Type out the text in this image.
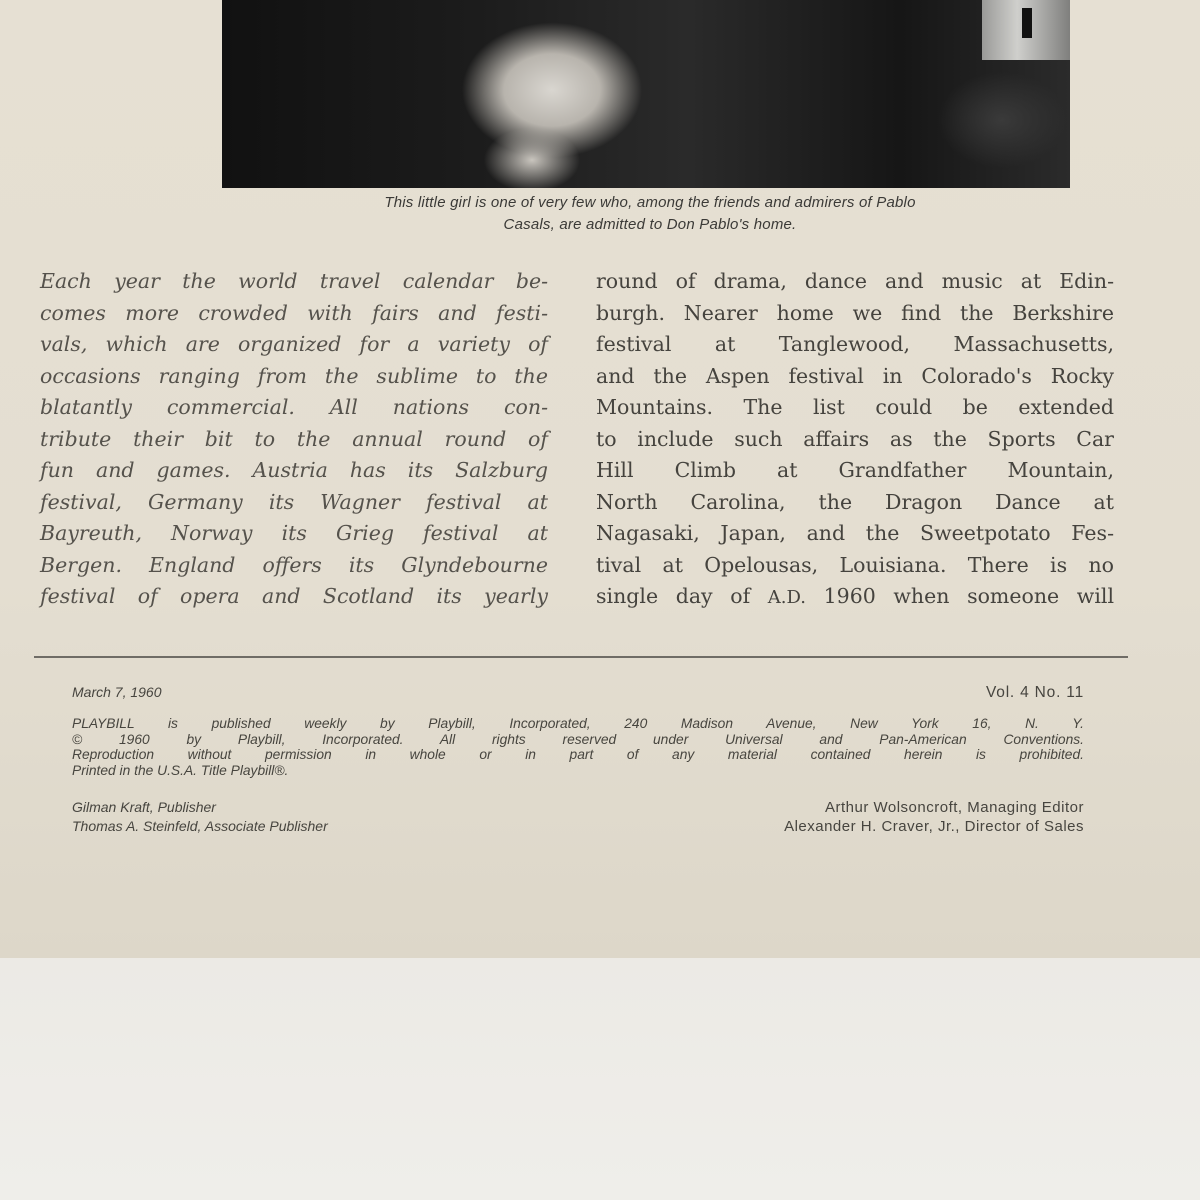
This little girl is one of very few who, among the friends and admirers of Pablo
Casals, are admitted to Don Pablo's home.
Each year the world travel calendar be-
comes more crowded with fairs and festi-
vals, which are organized for a variety of
occasions ranging from the sublime to the
blatantly commercial. All nations con-
tribute their bit to the annual round of
fun and games. Austria has its Salzburg
festival, Germany its Wagner festival at
Bayreuth, Norway its Grieg festival at
Bergen. England offers its Glyndebourne
festival of opera and Scotland its yearly
round of drama, dance and music at Edin-
burgh. Nearer home we find the Berkshire
festival at Tanglewood, Massachusetts,
and the Aspen festival in Colorado's Rocky
Mountains. The list could be extended
to include such affairs as the Sports Car
Hill Climb at Grandfather Mountain,
North Carolina, the Dragon Dance at
Nagasaki, Japan, and the Sweetpotato Fes-
tival at Opelousas, Louisiana. There is no
single day of A.D. 1960 when someone will
March 7, 1960	Vol. 4 No. 11
PLAYBILL is published weekly by Playbill, Incorporated, 240 Madison Avenue, New York 16, N. Y.
© 1960 by Playbill, Incorporated. All rights reserved under Universal and Pan-American Conventions.
Reproduction without permission in whole or in part of any material contained herein is prohibited.
Printed in the U.S.A. Title Playbill®.
Gilman Kraft, Publisher
Thomas A. Steinfeld, Associate Publisher
Arthur Wolsoncroft, Managing Editor
Alexander H. Craver, Jr., Director of Sales
